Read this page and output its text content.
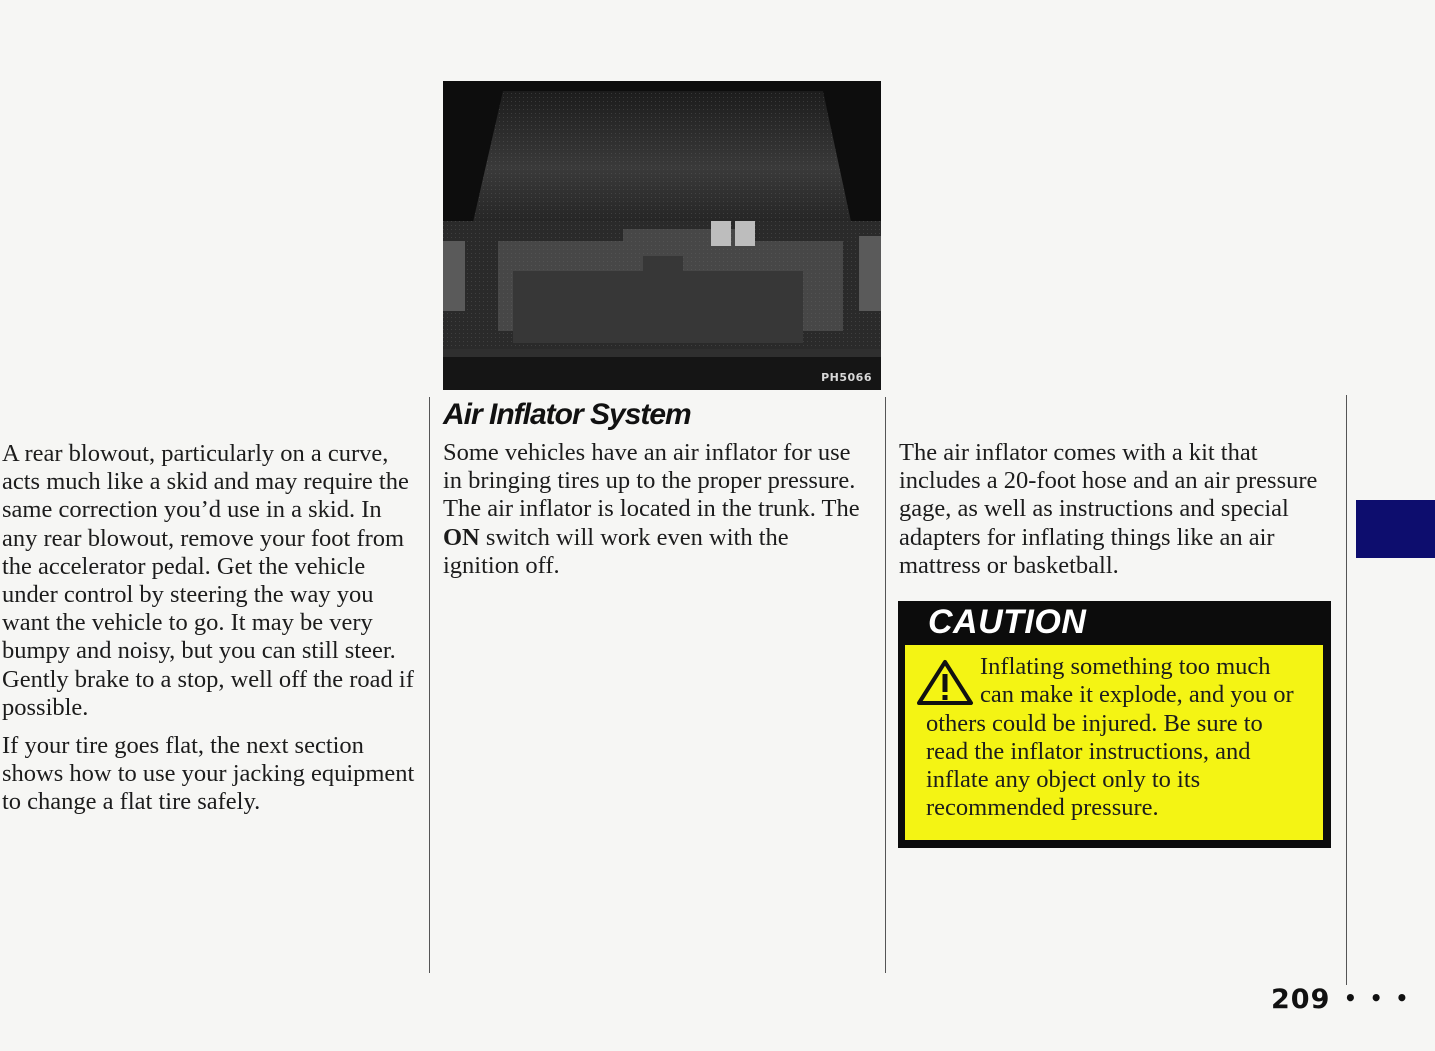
A rear blowout, particularly on a curve, acts much like a skid and may require the same correction you’d use in a skid. In any rear blowout, remove your foot from the accelerator pedal. Get the vehicle under control by steering the way you want the vehicle to go. It may be very bumpy and noisy, but you can still steer. Gently brake to a stop, well off the road if possible.

If your tire goes flat, the next section shows how to use your jacking equipment to change a flat tire safely.

PH5066
Air Inflator System

Some vehicles have an air inflator for use in bringing tires up to the proper pressure. The air inflator is located in the trunk. The ON switch will work even with the ignition off.

The air inflator comes with a kit that includes a 20-foot hose and an air pressure gage, as well as instructions and special adapters for inflating things like an air mattress or basketball.

CAUTION

Inflating something too much can make it explode, and you or others could be injured. Be sure to read the inflator instructions, and inflate any object only to its recommended pressure.

209 • • •
